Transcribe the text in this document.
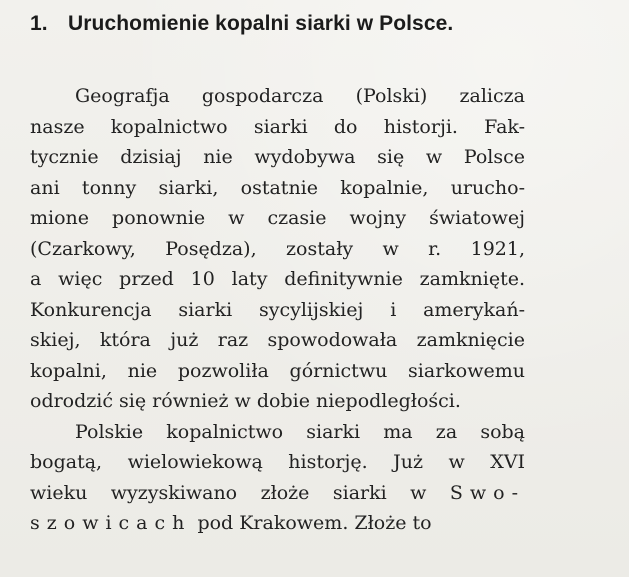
1. Uruchomienie kopalni siarki w Polsce.
Geografja gospodarcza (Polski) zalicza
nasze kopalnictwo siarki do historji. Fak-
tycznie dzisiaj nie wydobywa się w Polsce
ani tonny siarki, ostatnie kopalnie, urucho-
mione ponownie w czasie wojny światowej
(Czarkowy, Posędza), zostały w r. 1921,
a więc przed 10 laty definitywnie zamknięte.
Konkurencja siarki sycylijskiej i amerykań-
skiej, która już raz spowodowała zamknięcie
kopalni, nie pozwoliła górnictwu siarkowemu
odrodzić się również w dobie niepodległości.
Polskie kopalnictwo siarki ma za sobą
bogatą, wielowiekową historję. Już w XVI
wieku wyzyskiwano złoże siarki w Swo-
szowicach pod Krakowem. Złoże to
